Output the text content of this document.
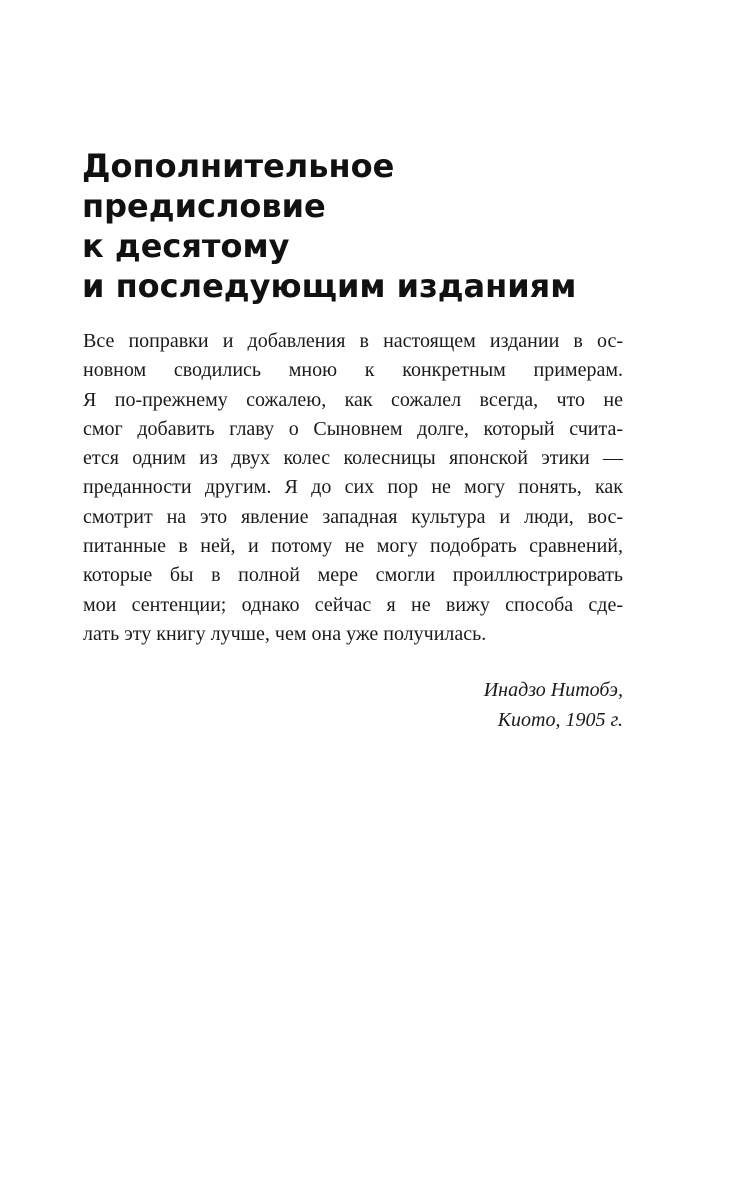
Дополнительное
предисловие
к десятому
и последующим изданиям
Все поправки и добавления в настоящем издании в ос-
новном сводились мною к конкретным примерам.
Я по-прежнему сожалею, как сожалел всегда, что не
смог добавить главу о Сыновнем долге, который счита-
ется одним из двух колес колесницы японской этики —
преданности другим. Я до сих пор не могу понять, как
смотрит на это явление западная культура и люди, вос-
питанные в ней, и потому не могу подобрать сравнений,
которые бы в полной мере смогли проиллюстрировать
мои сентенции; однако сейчас я не вижу способа сде-
лать эту книгу лучше, чем она уже получилась.
Инадзо Нитобэ,
Киото, 1905 г.
